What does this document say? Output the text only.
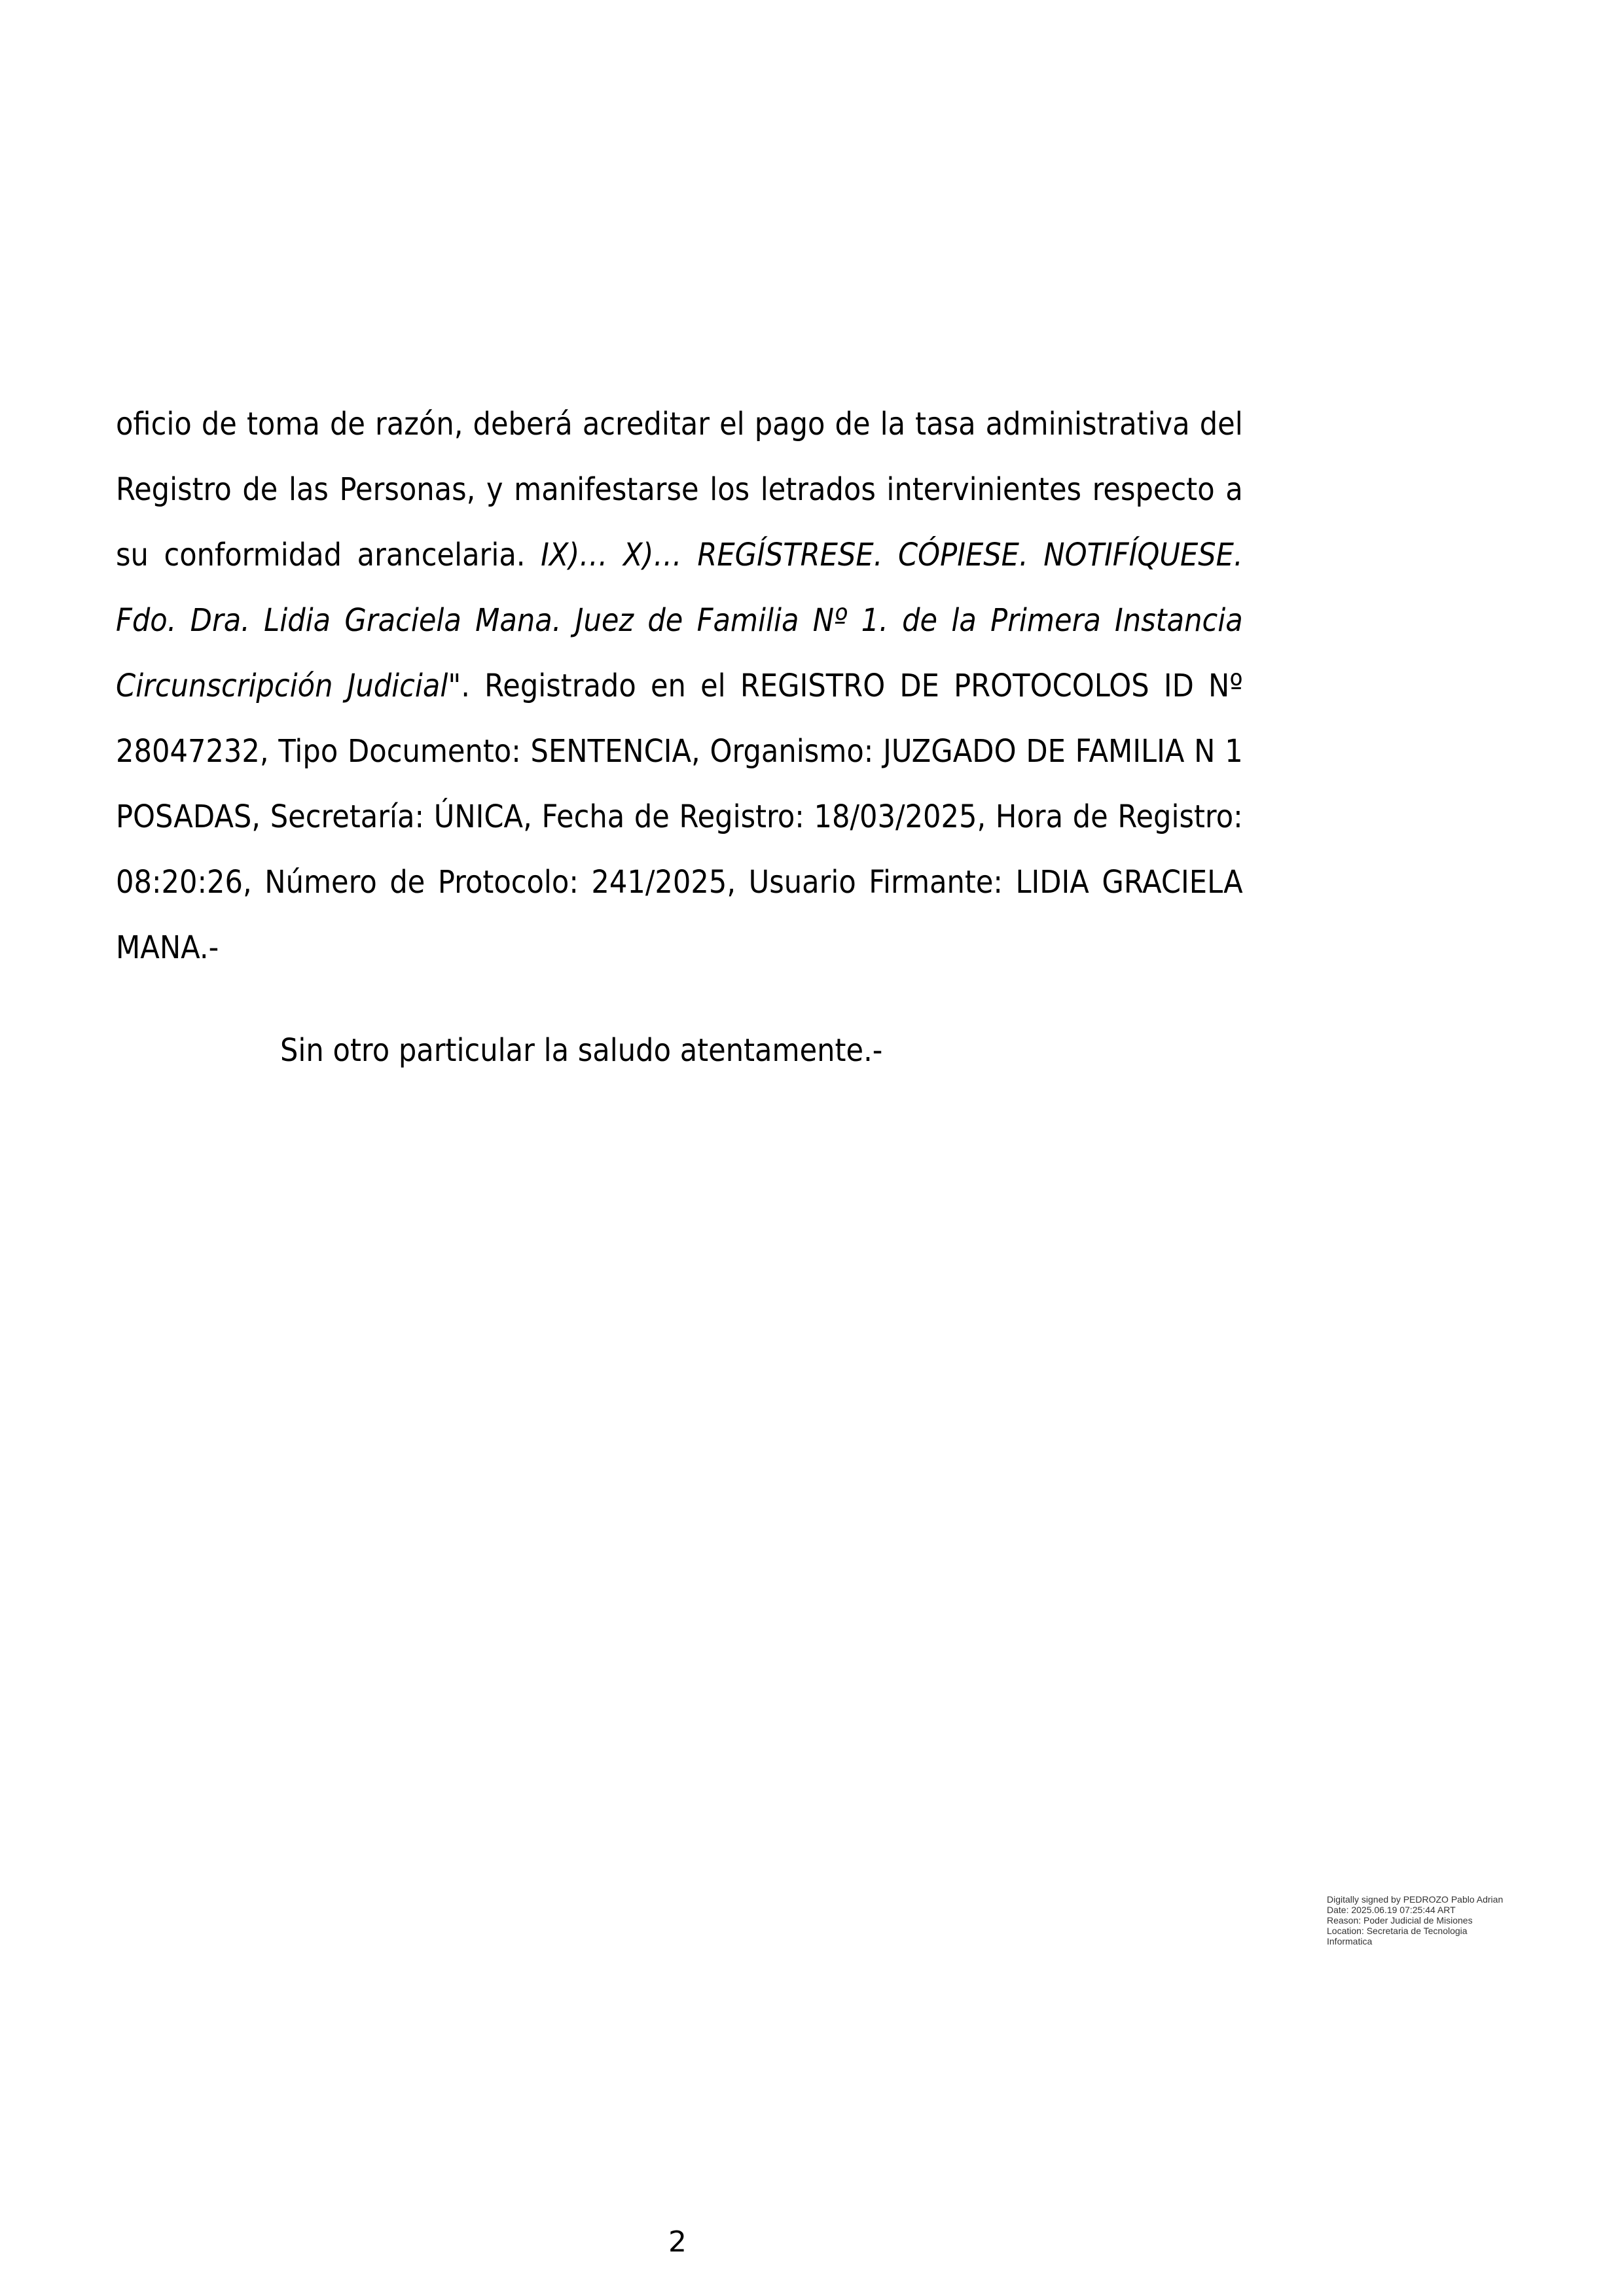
oficio de toma de razón, deberá acreditar el pago de la tasa administrativa del Registro de las Personas, y manifestarse los letrados intervinientes respecto a su conformidad arancelaria. IX)… X)… REGÍSTRESE. CÓPIESE. NOTIFÍQUESE. Fdo. Dra. Lidia Graciela Mana. Juez de Familia Nº 1. de la Primera Instancia Circunscripción Judicial". Registrado en el REGISTRO DE PROTOCOLOS ID Nº 28047232, Tipo Documento: SENTENCIA, Organismo: JUZGADO DE FAMILIA N 1 POSADAS, Secretaría: ÚNICA, Fecha de Registro: 18/03/2025, Hora de Registro: 08:20:26, Número de Protocolo: 241/2025, Usuario Firmante: LIDIA GRACIELA MANA.-

Sin otro particular la saludo atentamente.-
Digitally signed by PEDROZO Pablo Adrian
Date: 2025.06.19 07:25:44 ART
Reason: Poder Judicial de Misiones
Location: Secretaria de Tecnologia
Informatica
2
